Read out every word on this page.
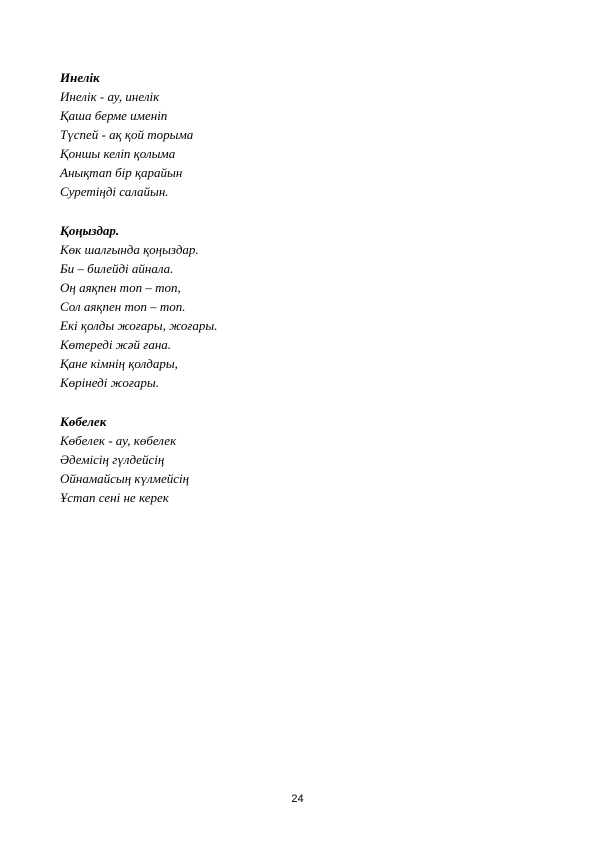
Инелік
Инелік - ау, инелік
Қаша берме именіп
Түспей - ақ қой торыма
Қоншы келіп қолыма
Анықтап бір қарайын
Суретіңді салайын.
Қоңыздар.
Көк шалғында қоңыздар.
Би – билейді айнала.
Оң аяқпен топ – топ,
Сол аяқпен топ – топ.
Екі қолды жоғары, жоғары.
Көтереді жәй ғана.
Қане кімнің қолдары,
Көрінеді жоғары.
Көбелек
Көбелек - ау, көбелек
Әдемісің гүлдейсің
Ойнамайсың күлмейсің
Ұстап сені не керек
24
